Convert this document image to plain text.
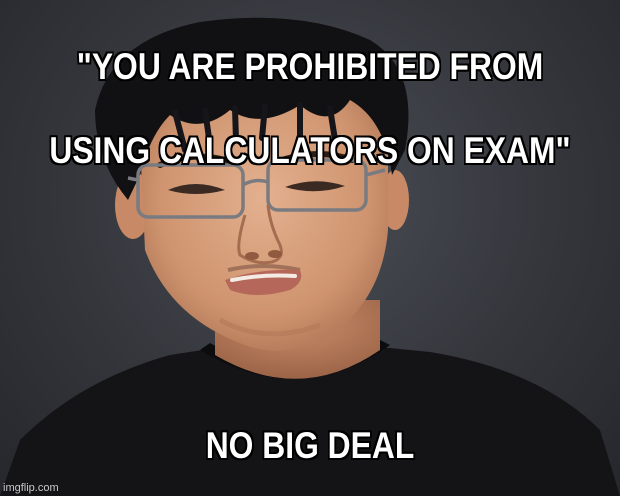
"YOU ARE PROHIBITED FROM

USING CALCULATORS ON EXAM"

NO BIG DEAL
imgflip.com
